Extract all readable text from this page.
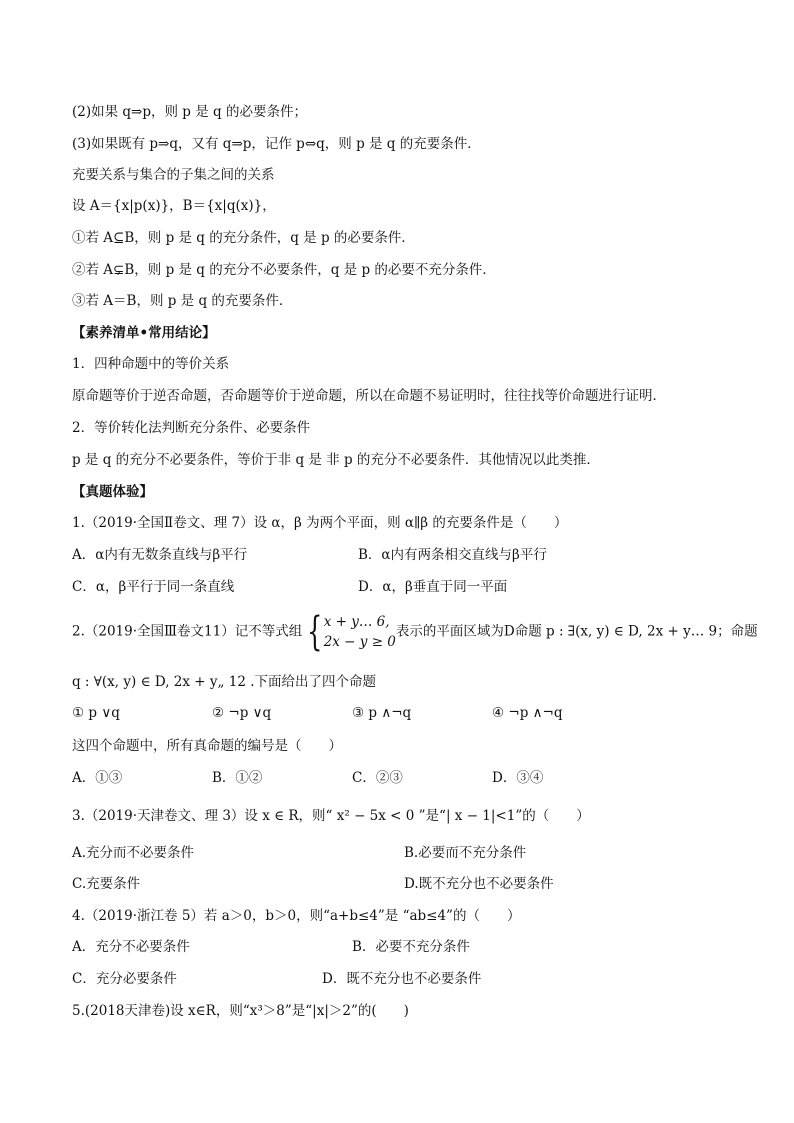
(2)如果 q⇒p，则 p 是 q 的必要条件；
(3)如果既有 p⇒q，又有 q⇒p，记作 p⇔q，则 p 是 q 的充要条件．
充要关系与集合的子集之间的关系
设 A＝{x|p(x)}，B＝{x|q(x)}，
①若 A⊆B，则 p 是 q 的充分条件，q 是 p 的必要条件．
②若 A⊊B，则 p 是 q 的充分不必要条件，q 是 p 的必要不充分条件．
③若 A＝B，则 p 是 q 的充要条件．
【素养清单•常用结论】
1．四种命题中的等价关系
原命题等价于逆否命题，否命题等价于逆命题，所以在命题不易证明时，往往找等价命题进行证明．
2．等价转化法判断充分条件、必要条件
p 是 q 的充分不必要条件，等价于非 q 是 非 p 的充分不必要条件．其他情况以此类推．
【真题体验】
1.（2019·全国Ⅱ卷文、理 7）设 α，β 为两个平面，则 α∥β 的充要条件是（　　）
A．α内有无数条直线与β平行	B．α内有两条相交直线与β平行
C．α，β平行于同一条直线	D．α，β垂直于同一平面
2.（2019·全国Ⅲ卷文11）记不等式组 { x + y… 6,
2x − y ≥ 0
表示的平面区域为D命题 p : ∃(x, y) ∈ D, 2x + y… 9；命题
q : ∀(x, y) ∈ D, 2x + y„ 12 .下面给出了四个命题
① p ∨q	② ¬p ∨q	③ p ∧¬q	④ ¬p ∧¬q
这四个命题中，所有真命题的编号是（　　）
A．①③	B．①②	C．②③	D．③④
3.（2019·天津卷文、理 3）设 x ∈ R，则“ x² − 5x < 0 ”是“| x − 1|<1”的（　　）
A.充分而不必要条件	B.必要而不充分条件
C.充要条件	D.既不充分也不必要条件
4.（2019·浙江卷 5）若 a＞0，b＞0，则“a+b≤4”是 “ab≤4”的（　　）
A．充分不必要条件	B．必要不充分条件
C．充分必要条件	D．既不充分也不必要条件
5.(2018天津卷)设 x∈R，则“x³＞8”是“|x|＞2”的(　　)
